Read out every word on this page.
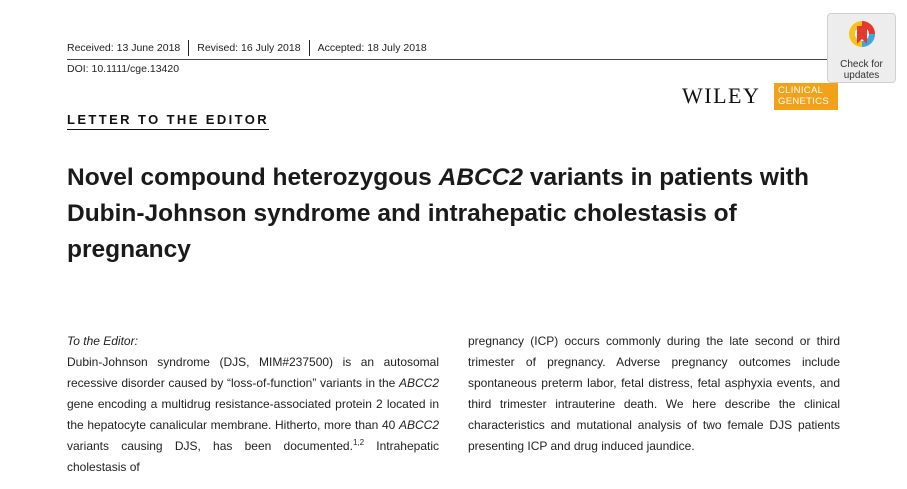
Received: 13 June 2018	Revised: 16 July 2018	Accepted: 18 July 2018
DOI: 10.1111/cge.13420	Check for
updates
WILEY CLINICAL
GENETICS
LETTER TO THE EDITOR
Novel compound heterozygous ABCC2 variants in patients with Dubin-Johnson syndrome and intrahepatic cholestasis of pregnancy

To the Editor:

Dubin-Johnson syndrome (DJS, MIM#237500) is an autosomal recessive disorder caused by “loss-of-function” variants in the ABCC2 gene encoding a multidrug resistance-associated protein 2 located in the hepatocyte canalicular membrane. Hitherto, more than 40 ABCC2 variants causing DJS, has been documented.$^{1,2}$ Intrahepatic cholestasis of

pregnancy (ICP) occurs commonly during the late second or third trimester of pregnancy. Adverse pregnancy outcomes include spontaneous preterm labor, fetal distress, fetal asphyxia events, and third trimester intrauterine death. We here describe the clinical characteristics and mutational analysis of two female DJS patients presenting ICP and drug induced jaundice.
